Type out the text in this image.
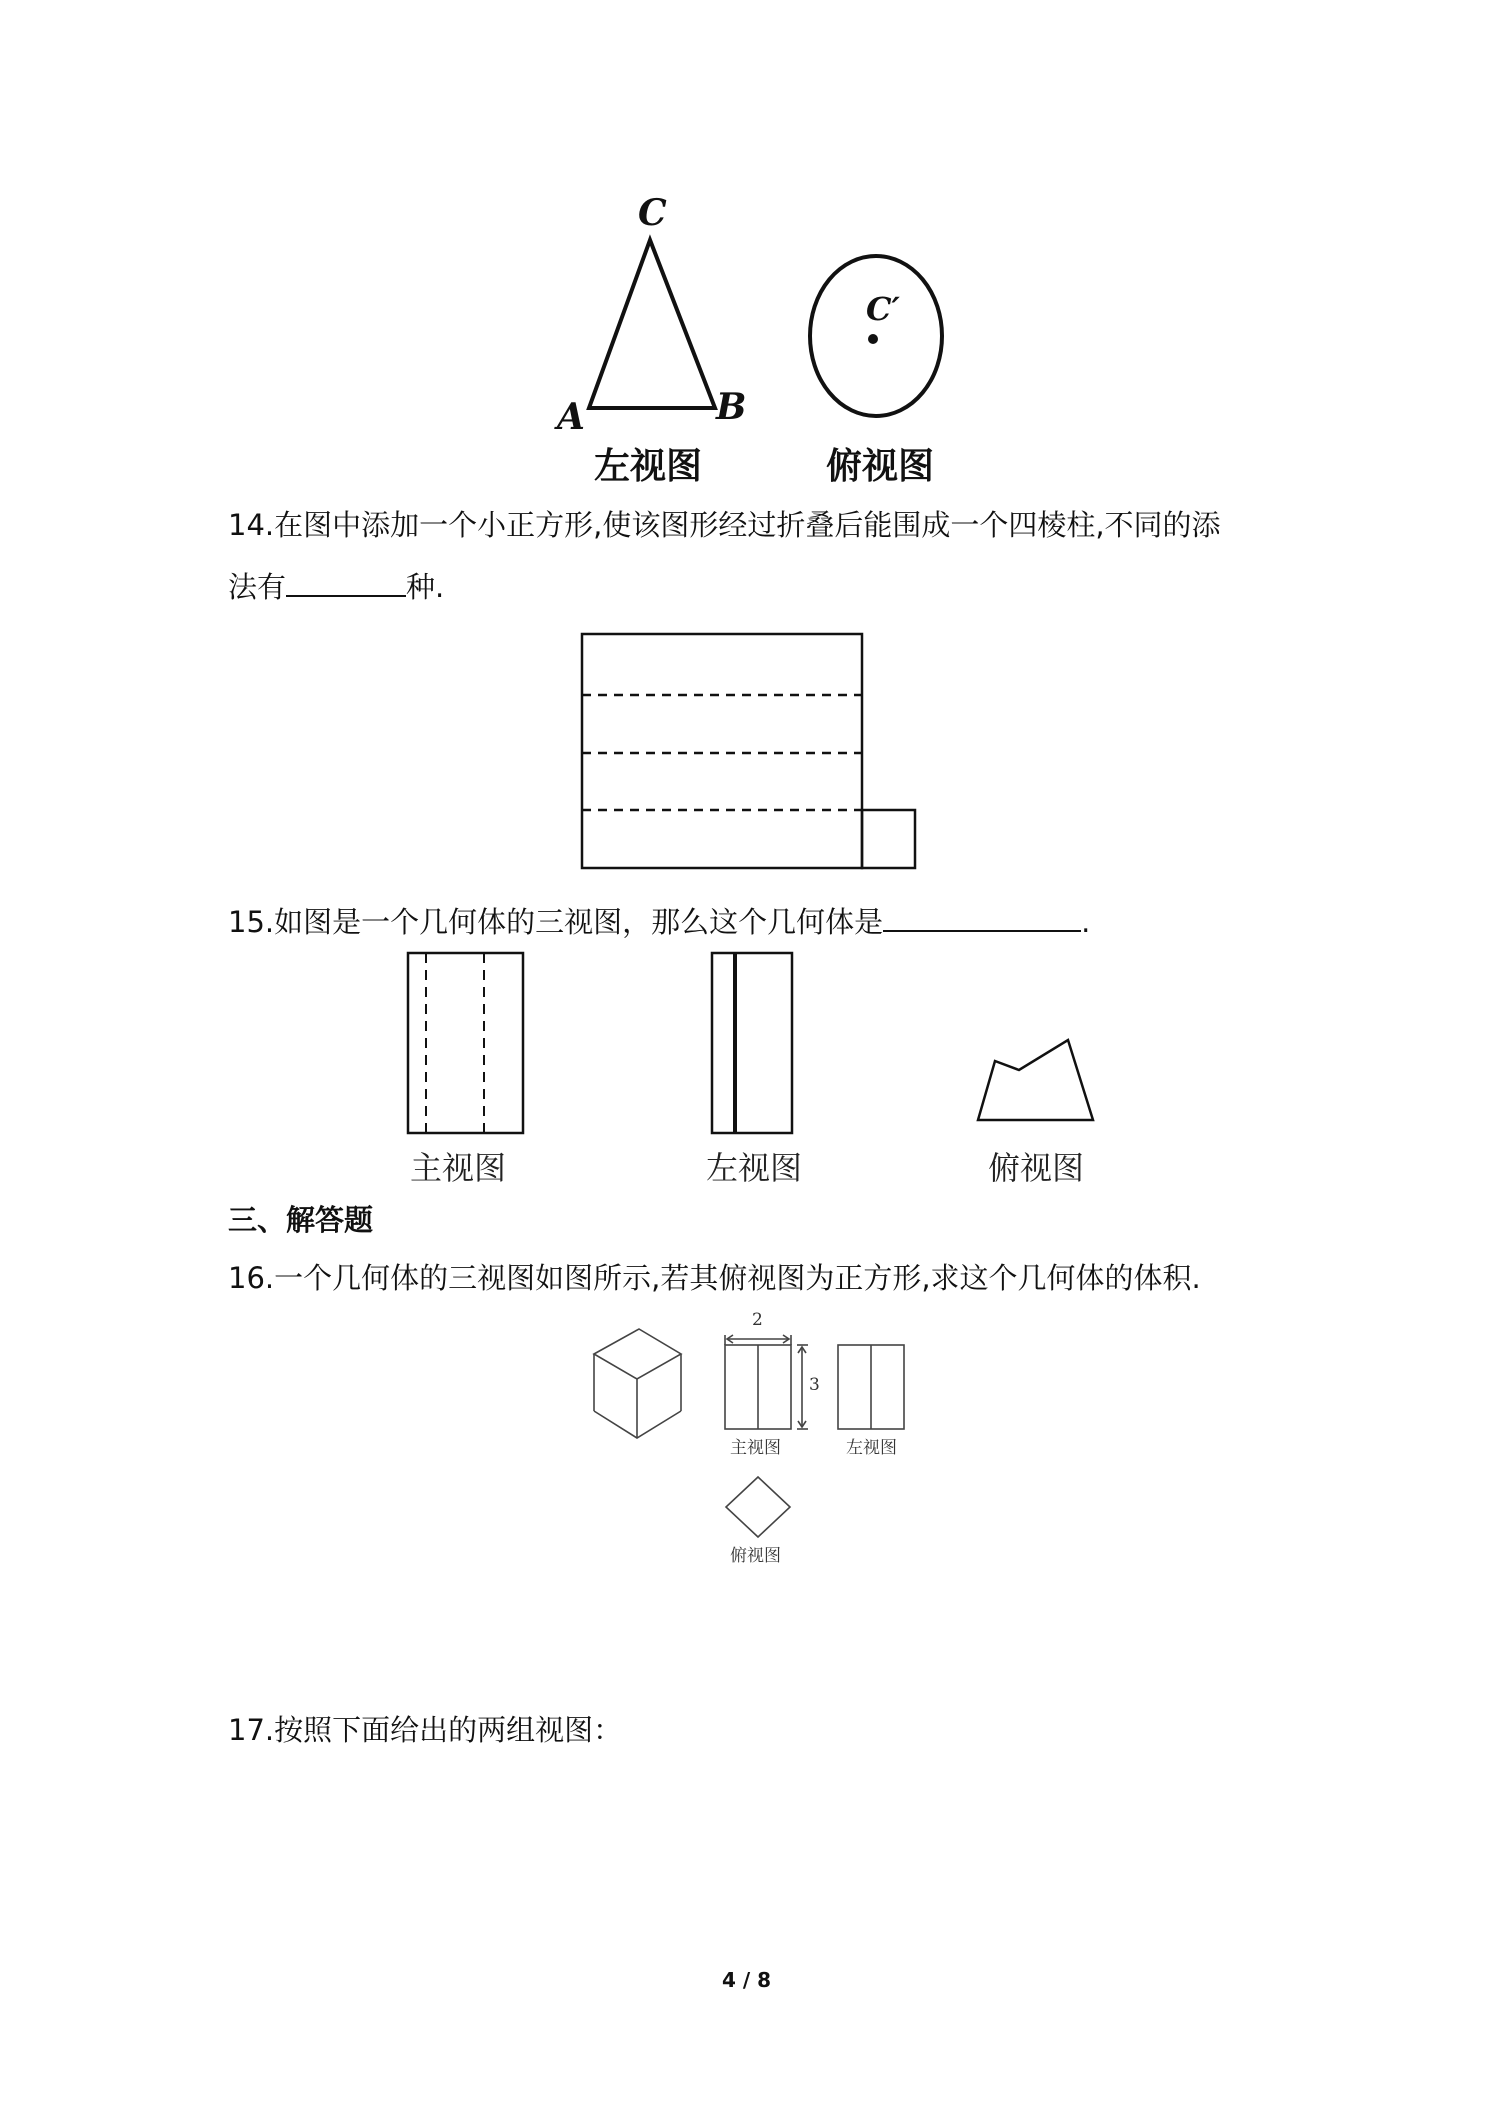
C
A	B
C′
左视图	俯视图
14.在图中添加一个小正方形,使该图形经过折叠后能围成一个四棱柱,不同的添
法有	种.
15.如图是一个几何体的三视图，那么这个几何体是	.
主视图	左视图	俯视图
三、解答题
16.一个几何体的三视图如图所示,若其俯视图为正方形,求这个几何体的体积.
2
3
主视图	左视图
俯视图
17.按照下面给出的两组视图：
4 / 8
